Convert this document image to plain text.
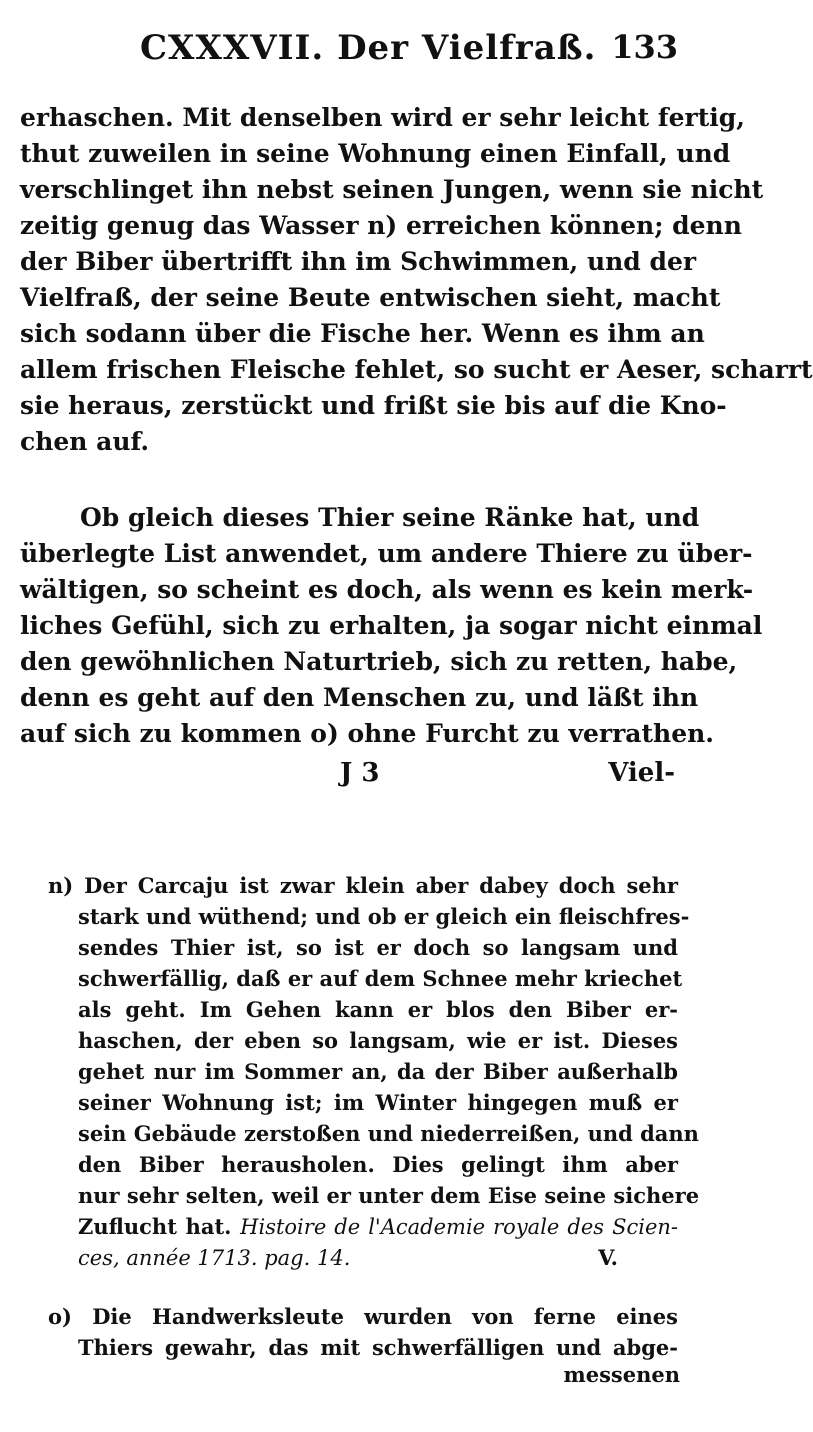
CXXXVII. Der Vielfraß. 133
erhaschen. Mit denselben wird er sehr leicht fertig,
thut zuweilen in seine Wohnung einen Einfall, und
verschlinget ihn nebst seinen Jungen, wenn sie nicht
zeitig genug das Wasser n) erreichen können; denn
der Biber übertrifft ihn im Schwimmen, und der
Vielfraß, der seine Beute entwischen sieht, macht
sich sodann über die Fische her. Wenn es ihm an
allem frischen Fleische fehlet, so sucht er Aeser, scharrt
sie heraus, zerstückt und frißt sie bis auf die Kno-
chen auf.
Ob gleich dieses Thier seine Ränke hat, und
überlegte List anwendet, um andere Thiere zu über-
wältigen, so scheint es doch, als wenn es kein merk-
liches Gefühl, sich zu erhalten, ja sogar nicht einmal
den gewöhnlichen Naturtrieb, sich zu retten, habe,
denn es geht auf den Menschen zu, und läßt ihn
auf sich zu kommen o) ohne Furcht zu verrathen.
J 3	Viel-
n) Der Carcaju ist zwar klein aber dabey doch sehr
stark und wüthend; und ob er gleich ein fleischfres-
sendes Thier ist, so ist er doch so langsam und
schwerfällig, daß er auf dem Schnee mehr kriechet
als geht. Im Gehen kann er blos den Biber er-
haschen, der eben so langsam, wie er ist. Dieses
gehet nur im Sommer an, da der Biber außerhalb
seiner Wohnung ist; im Winter hingegen muß er
sein Gebäude zerstoßen und niederreißen, und dann
den Biber herausholen. Dies gelingt ihm aber
nur sehr selten, weil er unter dem Eise seine sichere
Zuflucht hat. Histoire de l'Academie royale des Scien-
ces, année 1713. pag. 14.	V.
o) Die Handwerksleute wurden von ferne eines
Thiers gewahr, das mit schwerfälligen und abge-
messenen
